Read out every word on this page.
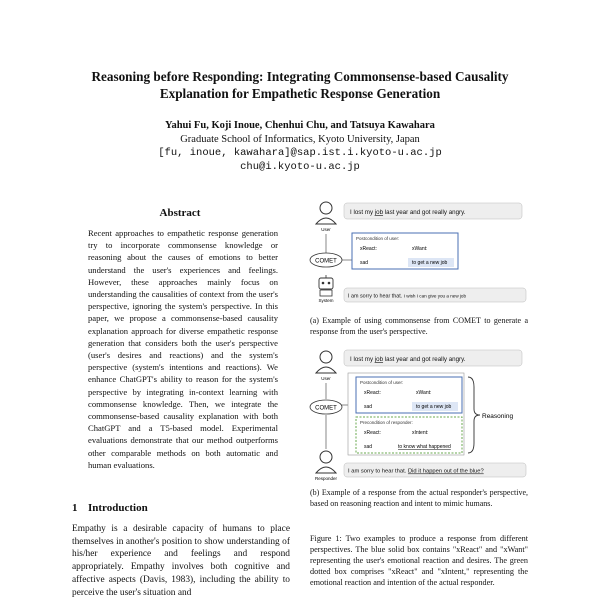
Reasoning before Responding: Integrating Commonsense-based Causality
Explanation for Empathetic Response Generation
Yahui Fu, Koji Inoue, Chenhui Chu, and Tatsuya Kawahara
Graduate School of Informatics, Kyoto University, Japan
[fu, inoue, kawahara]@sap.ist.i.kyoto-u.ac.jp
chu@i.kyoto-u.ac.jp
Abstract

Recent approaches to empathetic response generation try to incorporate commonsense knowledge or reasoning about the causes of emotions to better understand the user's experiences and feelings. However, these approaches mainly focus on understanding the causalities of context from the user's perspective, ignoring the system's perspective. In this paper, we propose a commonsense-based causality explanation approach for diverse empathetic response generation that considers both the user's perspective (user's desires and reactions) and the system's perspective (system's intentions and reactions). We enhance ChatGPT's ability to reason for the system's perspective by integrating in-context learning with commonsense knowledge. Then, we integrate the commonsense-based causality explanation with both ChatGPT and a T5-based model. Experimental evaluations demonstrate that our method outperforms other comparable methods on both automatic and human evaluations.

1 Introduction

Empathy is a desirable capacity of humans to place themselves in another's position to show understanding of his/her experience and feelings and respond appropriately. Empathy involves both cognitive and affective aspects (Davis, 1983), including the ability to perceive the user's situation and

User
I lost my job last year and got really angry.
COMET
Postcondition of user:
xReact:	xWant:
sad	to get a new job
System
I am sorry to hear that. I wish I can give you a new job

(a) Example of using commonsense from COMET to generate a response from the user's perspective.

User
I lost my job last year and got really angry.
COMET
Postcondition of user:
xReact:	xWant:
sad	to get a new job
Precondition of responder:
xReact:	xIntent:
sad	to know what happened
Reasoning
Responder
I am sorry to hear that. Did it happen out of the blue?

(b) Example of a response from the actual responder's perspective, based on reasoning reaction and intent to mimic humans.

Figure 1: Two examples to produce a response from different perspectives. The blue solid box contains "xReact" and "xWant" representing the user's emotional reaction and desires. The green dotted box comprises "xReact" and "xIntent," representing the emotional reaction and intention of the actual responder.
